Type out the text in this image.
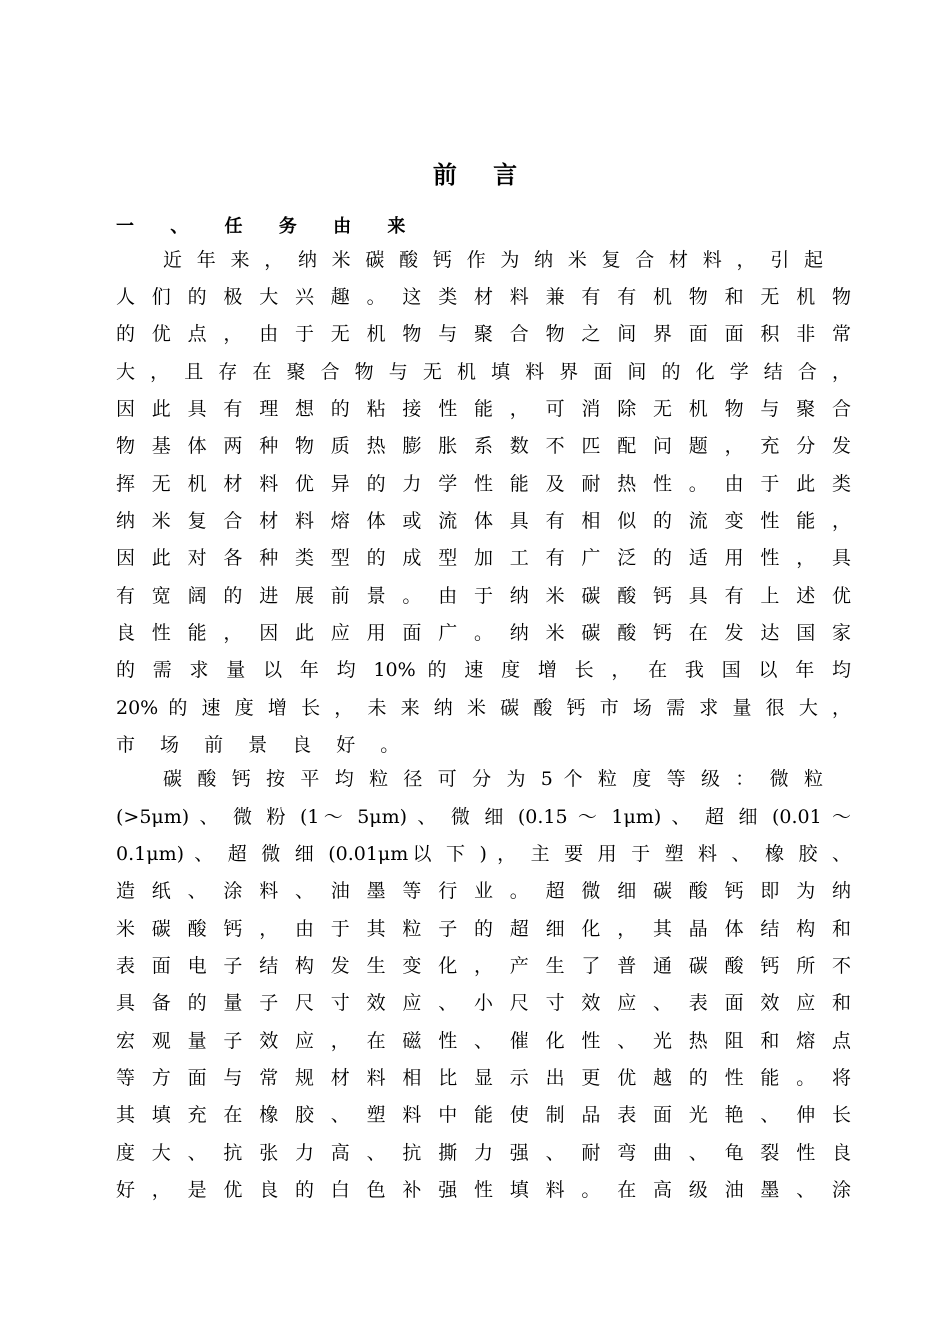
前 言
一 、 任 务 由 来
近 年 来 ， 纳 米 碳 酸 钙 作 为 纳 米 复 合 材 料 ， 引 起
人 们 的 极 大 兴 趣 。 这 类 材 料 兼 有 有 机 物 和 无 机 物
的 优 点 ， 由 于 无 机 物 与 聚 合 物 之 间 界 面 面 积 非 常
大 ， 且 存 在 聚 合 物 与 无 机 填 料 界 面 间 的 化 学 结 合 ，
因 此 具 有 理 想 的 粘 接 性 能 ， 可 消 除 无 机 物 与 聚 合
物 基 体 两 种 物 质 热 膨 胀 系 数 不 匹 配 问 题 ， 充 分 发
挥 无 机 材 料 优 异 的 力 学 性 能 及 耐 热 性 。 由 于 此 类
纳 米 复 合 材 料 熔 体 或 流 体 具 有 相 似 的 流 变 性 能 ，
因 此 对 各 种 类 型 的 成 型 加 工 有 广 泛 的 适 用 性 ， 具
有 宽 阔 的 进 展 前 景 。 由 于 纳 米 碳 酸 钙 具 有 上 述 优
良 性 能 ， 因 此 应 用 面 广 。 纳 米 碳 酸 钙 在 发 达 国 家
的 需 求 量 以 年 均 10% 的 速 度 增 长 ， 在 我 国 以 年 均
20% 的 速 度 增 长 ， 未 来 纳 米 碳 酸 钙 市 场 需 求 量 很 大 ，
市 场 前 景 良 好 。
碳 酸 钙 按 平 均 粒 径 可 分 为 5 个 粒 度 等 级 ： 微 粒
(>5μm) 、 微 粉 (1～ 5μm) 、 微 细 (0.15 ～ 1μm) 、 超 细 (0.01 ～
0.1μm) 、 超 微 细 (0.01μm以 下 ) ， 主 要 用 于 塑 料 、 橡 胶 、
造 纸 、 涂 料 、 油 墨 等 行 业 。 超 微 细 碳 酸 钙 即 为 纳
米 碳 酸 钙 ， 由 于 其 粒 子 的 超 细 化 ， 其 晶 体 结 构 和
表 面 电 子 结 构 发 生 变 化 ， 产 生 了 普 通 碳 酸 钙 所 不
具 备 的 量 子 尺 寸 效 应 、 小 尺 寸 效 应 、 表 面 效 应 和
宏 观 量 子 效 应 ， 在 磁 性 、 催 化 性 、 光 热 阻 和 熔 点
等 方 面 与 常 规 材 料 相 比 显 示 出 更 优 越 的 性 能 。 将
其 填 充 在 橡 胶 、 塑 料 中 能 使 制 品 表 面 光 艳 、 伸 长
度 大 、 抗 张 力 高 、 抗 撕 力 强 、 耐 弯 曲 、 龟 裂 性 良
好 ， 是 优 良 的 白 色 补 强 性 填 料 。 在 高 级 油 墨 、 涂
